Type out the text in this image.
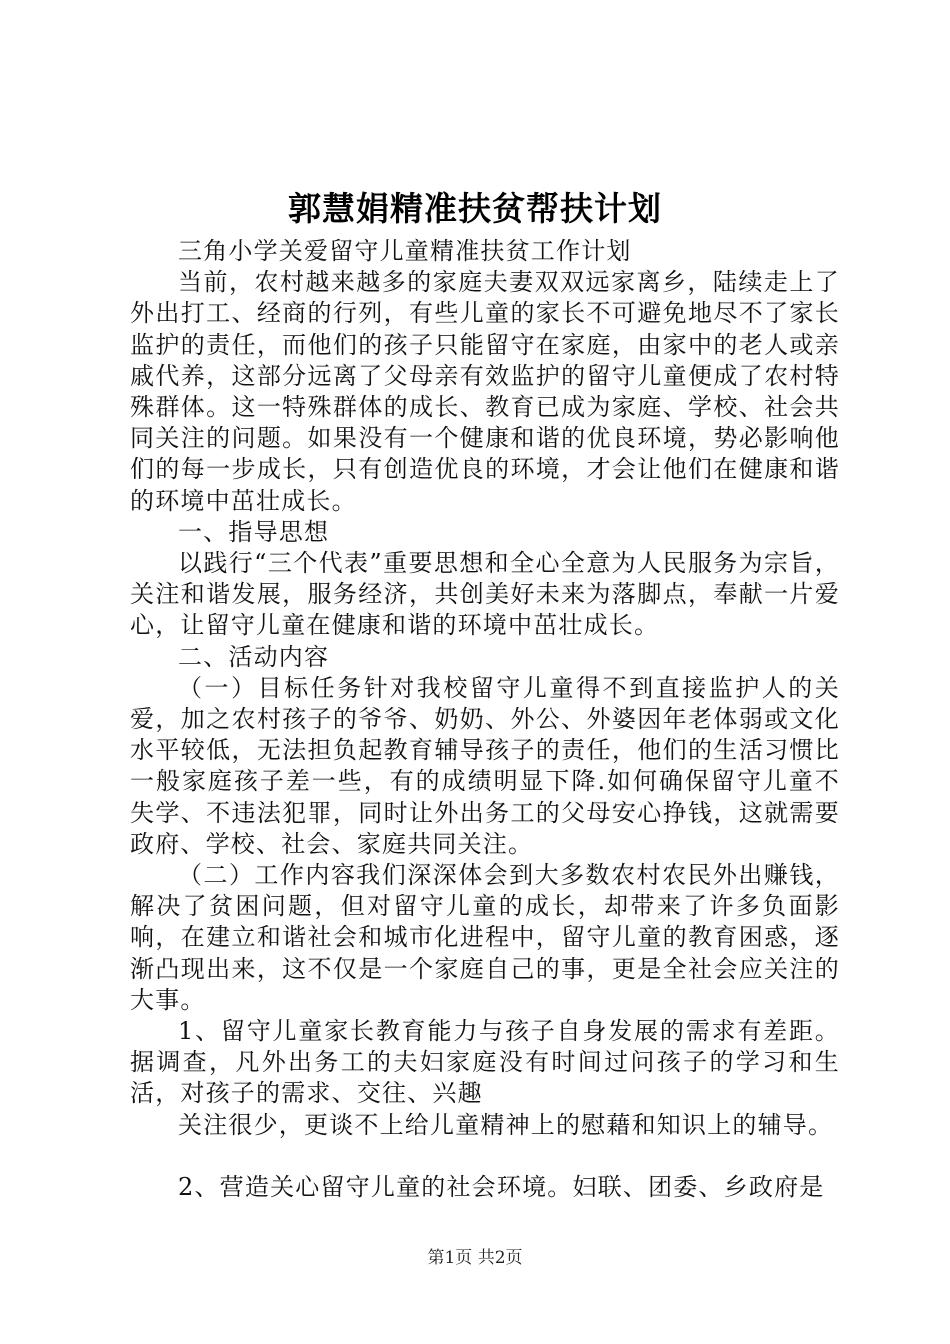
郭慧娟精准扶贫帮扶计划

三角小学关爱留守儿童精准扶贫工作计划

当前，农村越来越多的家庭夫妻双双远家离乡，陆续走上了外出打工、经商的行列，有些儿童的家长不可避免地尽不了家长监护的责任，而他们的孩子只能留守在家庭，由家中的老人或亲戚代养，这部分远离了父母亲有效监护的留守儿童便成了农村特殊群体。这一特殊群体的成长、教育已成为家庭、学校、社会共同关注的问题。如果没有一个健康和谐的优良环境，势必影响他们的每一步成长，只有创造优良的环境，才会让他们在健康和谐的环境中茁壮成长。

一、指导思想

以践行“三个代表”重要思想和全心全意为人民服务为宗旨，关注和谐发展，服务经济，共创美好未来为落脚点，奉献一片爱心，让留守儿童在健康和谐的环境中茁壮成长。

二、活动内容

（一）目标任务针对我校留守儿童得不到直接监护人的关爱，加之农村孩子的爷爷、奶奶、外公、外婆因年老体弱或文化水平较低，无法担负起教育辅导孩子的责任，他们的生活习惯比一般家庭孩子差一些，有的成绩明显下降.如何确保留守儿童不失学、不违法犯罪，同时让外出务工的父母安心挣钱，这就需要政府、学校、社会、家庭共同关注。

（二）工作内容我们深深体会到大多数农村农民外出赚钱，解决了贫困问题，但对留守儿童的成长，却带来了许多负面影响，在建立和谐社会和城市化进程中，留守儿童的教育困惑，逐渐凸现出来，这不仅是一个家庭自己的事，更是全社会应关注的大事。

1、留守儿童家长教育能力与孩子自身发展的需求有差距。据调查，凡外出务工的夫妇家庭没有时间过问孩子的学习和生活，对孩子的需求、交往、兴趣

关注很少，更谈不上给儿童精神上的慰藉和知识上的辅导。

2、营造关心留守儿童的社会环境。妇联、团委、乡政府是

第1页 共2页
